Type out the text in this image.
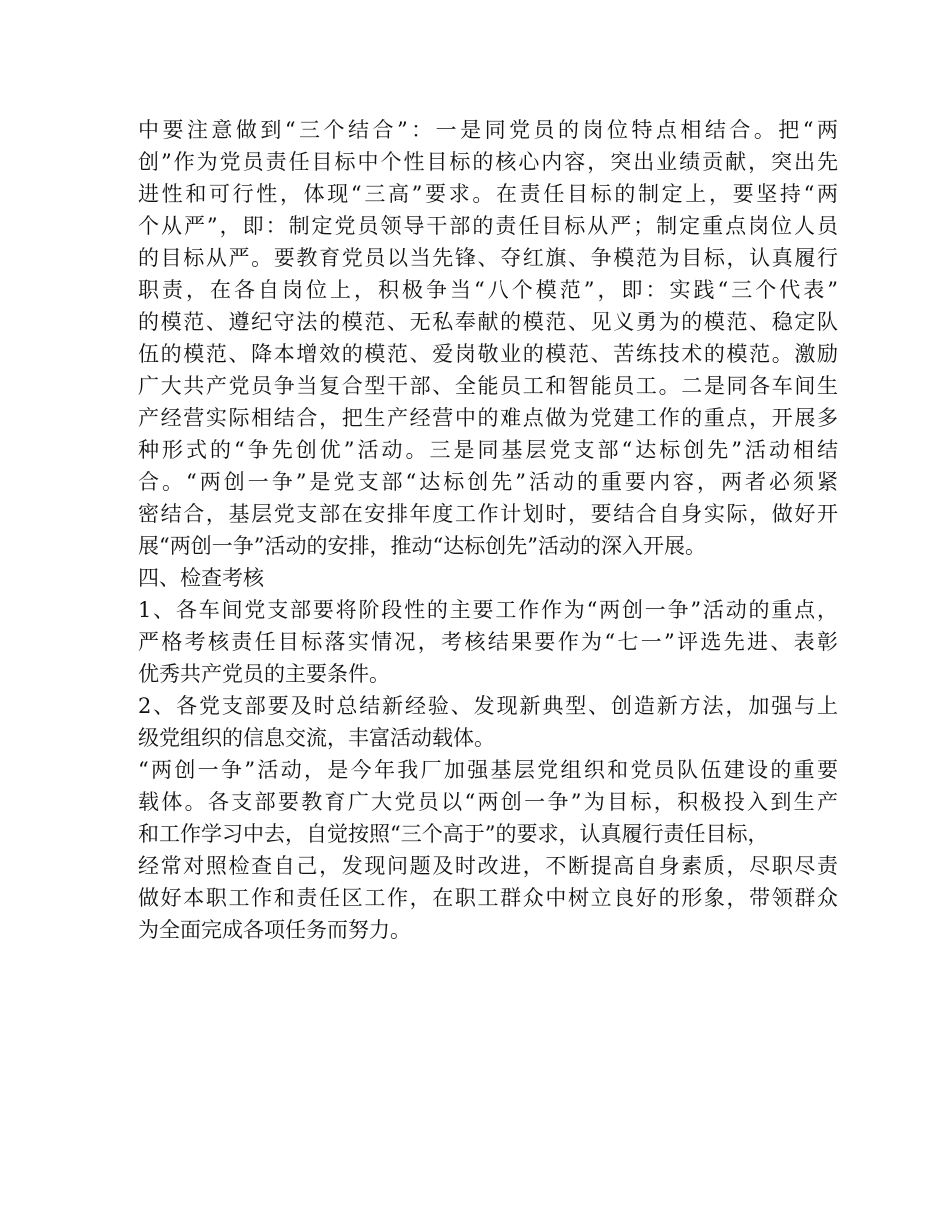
中要注意做到“三个结合”：一是同党员的岗位特点相结合。把“两
创”作为党员责任目标中个性目标的核心内容，突出业绩贡献，突出先
进性和可行性，体现“三高”要求。在责任目标的制定上，要坚持“两
个从严”，即：制定党员领导干部的责任目标从严；制定重点岗位人员
的目标从严。要教育党员以当先锋、夺红旗、争模范为目标，认真履行
职责，在各自岗位上，积极争当“八个模范”，即：实践“三个代表”
的模范、遵纪守法的模范、无私奉献的模范、见义勇为的模范、稳定队
伍的模范、降本增效的模范、爱岗敬业的模范、苦练技术的模范。激励
广大共产党员争当复合型干部、全能员工和智能员工。二是同各车间生
产经营实际相结合，把生产经营中的难点做为党建工作的重点，开展多
种形式的“争先创优”活动。三是同基层党支部“达标创先”活动相结
合。“两创一争”是党支部“达标创先”活动的重要内容，两者必须紧
密结合，基层党支部在安排年度工作计划时，要结合自身实际，做好开
展“两创一争”活动的安排，推动“达标创先”活动的深入开展。
四、检查考核
1、各车间党支部要将阶段性的主要工作作为“两创一争”活动的重点，
严格考核责任目标落实情况，考核结果要作为“七一”评选先进、表彰
优秀共产党员的主要条件。
2、各党支部要及时总结新经验、发现新典型、创造新方法，加强与上
级党组织的信息交流，丰富活动载体。
“两创一争”活动，是今年我厂加强基层党组织和党员队伍建设的重要
载体。各支部要教育广大党员以“两创一争”为目标，积极投入到生产
和工作学习中去，自觉按照“三个高于”的要求，认真履行责任目标，
经常对照检查自己，发现问题及时改进，不断提高自身素质，尽职尽责
做好本职工作和责任区工作，在职工群众中树立良好的形象，带领群众
为全面完成各项任务而努力。
